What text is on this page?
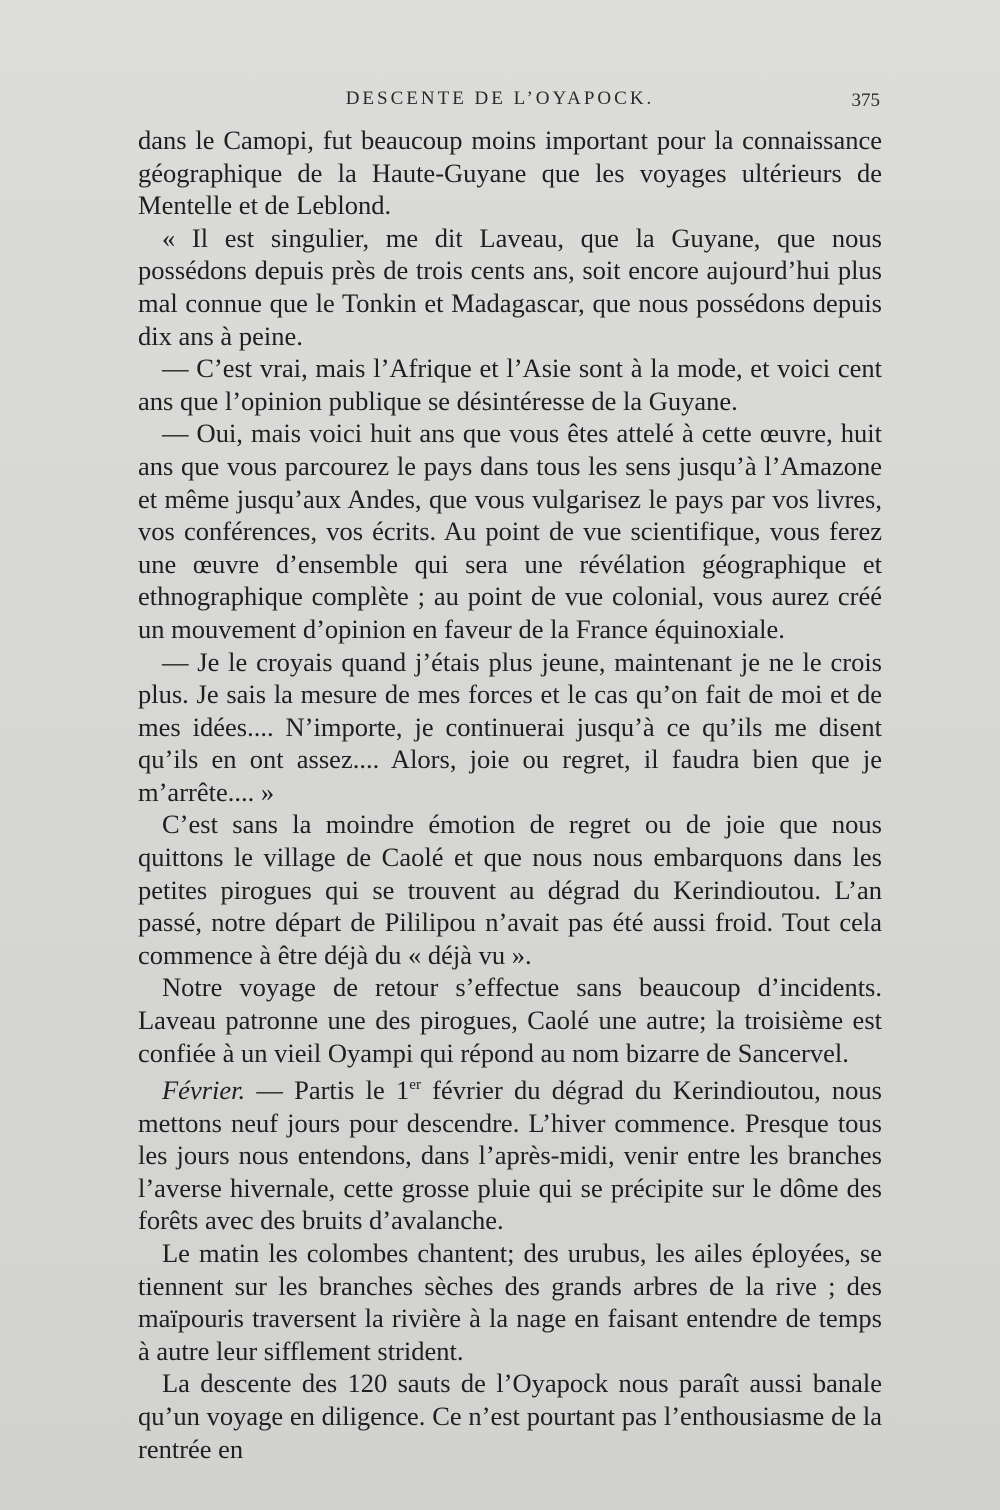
DESCENTE DE L’OYAPOCK.	375

dans le Camopi, fut beaucoup moins important pour la connaissance géographique de la Haute-Guyane que les voyages ultérieurs de Mentelle et de Leblond.

« Il est singulier, me dit Laveau, que la Guyane, que nous possédons depuis près de trois cents ans, soit encore aujourd’hui plus mal connue que le Tonkin et Madagascar, que nous possédons depuis dix ans à peine.

— C’est vrai, mais l’Afrique et l’Asie sont à la mode, et voici cent ans que l’opinion publique se désintéresse de la Guyane.

— Oui, mais voici huit ans que vous êtes attelé à cette œuvre, huit ans que vous parcourez le pays dans tous les sens jusqu’à l’Amazone et même jusqu’aux Andes, que vous vulgarisez le pays par vos livres, vos conférences, vos écrits. Au point de vue scientifique, vous ferez une œuvre d’ensemble qui sera une révélation géographique et ethnographique complète ; au point de vue colonial, vous aurez créé un mouvement d’opinion en faveur de la France équinoxiale.

— Je le croyais quand j’étais plus jeune, maintenant je ne le crois plus. Je sais la mesure de mes forces et le cas qu’on fait de moi et de mes idées.... N’importe, je continuerai jusqu’à ce qu’ils me disent qu’ils en ont assez.... Alors, joie ou regret, il faudra bien que je m’arrête.... »

C’est sans la moindre émotion de regret ou de joie que nous quittons le village de Caolé et que nous nous embarquons dans les petites pirogues qui se trouvent au dégrad du Kerindioutou. L’an passé, notre départ de Pililipou n’avait pas été aussi froid. Tout cela commence à être déjà du « déjà vu ».

Notre voyage de retour s’effectue sans beaucoup d’incidents. Laveau patronne une des pirogues, Caolé une autre; la troisième est confiée à un vieil Oyampi qui répond au nom bizarre de Sancervel.

Février. — Partis le 1er février du dégrad du Kerindioutou, nous mettons neuf jours pour descendre. L’hiver commence. Presque tous les jours nous entendons, dans l’après-midi, venir entre les branches l’averse hivernale, cette grosse pluie qui se précipite sur le dôme des forêts avec des bruits d’avalanche.

Le matin les colombes chantent; des urubus, les ailes éployées, se tiennent sur les branches sèches des grands arbres de la rive ; des maïpouris traversent la rivière à la nage en faisant entendre de temps à autre leur sifflement strident.

La descente des 120 sauts de l’Oyapock nous paraît aussi banale qu’un voyage en diligence. Ce n’est pourtant pas l’enthousiasme de la rentrée en
